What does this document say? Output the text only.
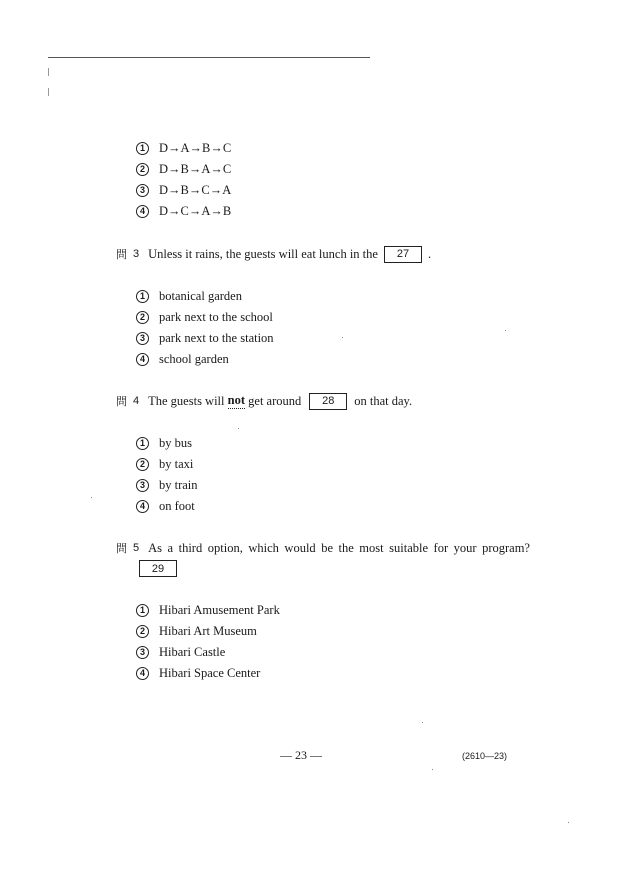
1	D→A→B→C
2	D→B→A→C
3	D→B→C→A
4	D→C→A→B
問 3 Unless it rains, the guests will eat lunch in the	27	.
1	botanical garden
2	park next to the school
3	park next to the station
4	school garden
問 4 The guests will
not
get around	28	on that day.
1	by bus
2	by taxi
3	by train
4	on foot
問 5 As a third option, which would be the most suitable for your program?
29
1	Hibari Amusement Park
2	Hibari Art Museum
3	Hibari Castle
4	Hibari Space Center
— 23 —	(2610—23)
